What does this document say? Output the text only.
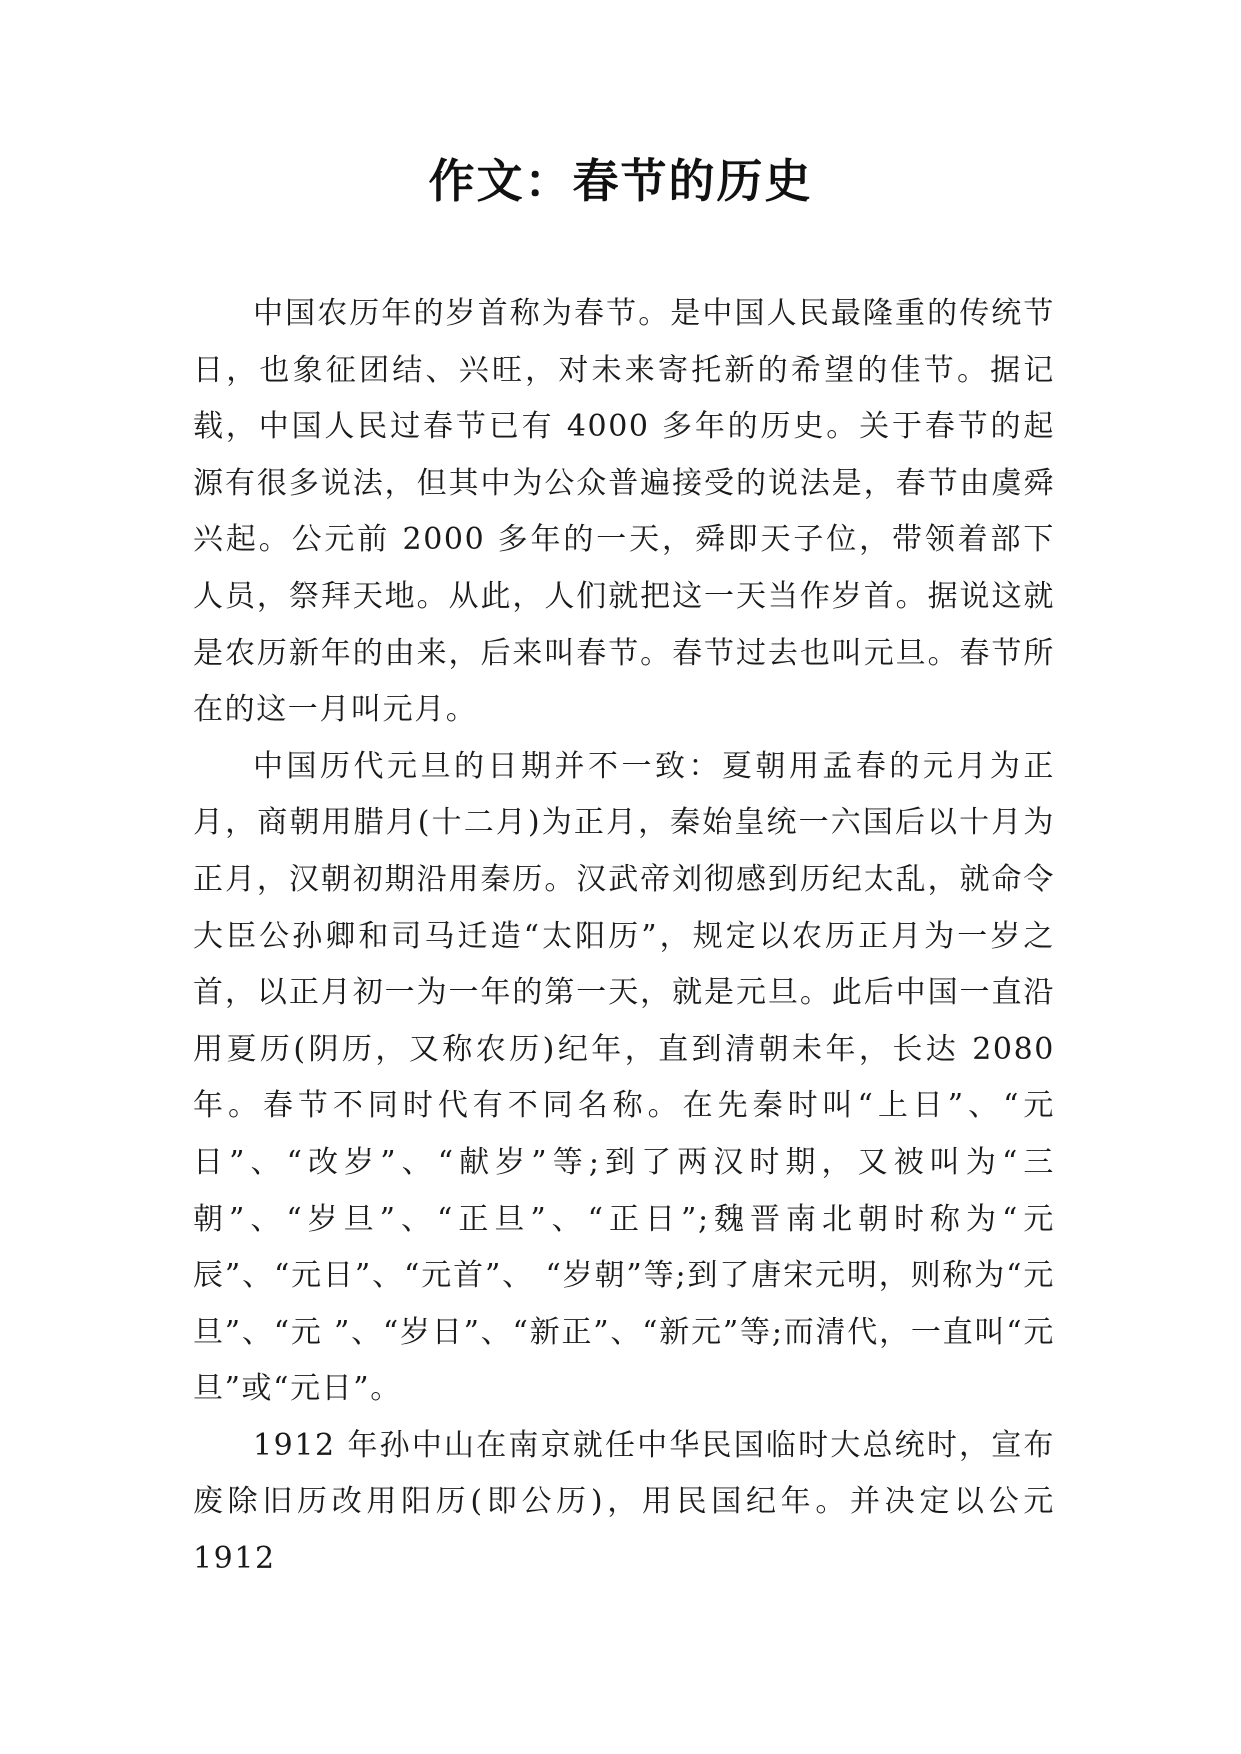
作文：春节的历史

中国农历年的岁首称为春节。是中国人民最隆重的传统节日，也象征团结、兴旺，对未来寄托新的希望的佳节。据记载，中国人民过春节已有 4000 多年的历史。关于春节的起源有很多说法，但其中为公众普遍接受的说法是，春节由虞舜兴起。公元前 2000 多年的一天，舜即天子位，带领着部下人员，祭拜天地。从此，人们就把这一天当作岁首。据说这就是农历新年的由来，后来叫春节。春节过去也叫元旦。春节所在的这一月叫元月。

中国历代元旦的日期并不一致：夏朝用孟春的元月为正月，商朝用腊月(十二月)为正月，秦始皇统一六国后以十月为正月，汉朝初期沿用秦历。汉武帝刘彻感到历纪太乱，就命令大臣公孙卿和司马迁造“太阳历”，规定以农历正月为一岁之首，以正月初一为一年的第一天，就是元旦。此后中国一直沿用夏历(阴历，又称农历)纪年，直到清朝未年，长达 2080 年。春节不同时代有不同名称。在先秦时叫“上日”、“元日”、“改岁”、“献岁”等;到了两汉时期，又被叫为“三朝”、“岁旦”、“正旦”、“正日”;魏晋南北朝时称为“元辰”、“元日”、“元首”、 “岁朝”等;到了唐宋元明，则称为“元旦”、“元 ”、“岁日”、“新正”、“新元”等;而清代，一直叫“元旦”或“元日”。

1912 年孙中山在南京就任中华民国临时大总统时，宣布废除旧历改用阳历(即公历)，用民国纪年。并决定以公元 1912
